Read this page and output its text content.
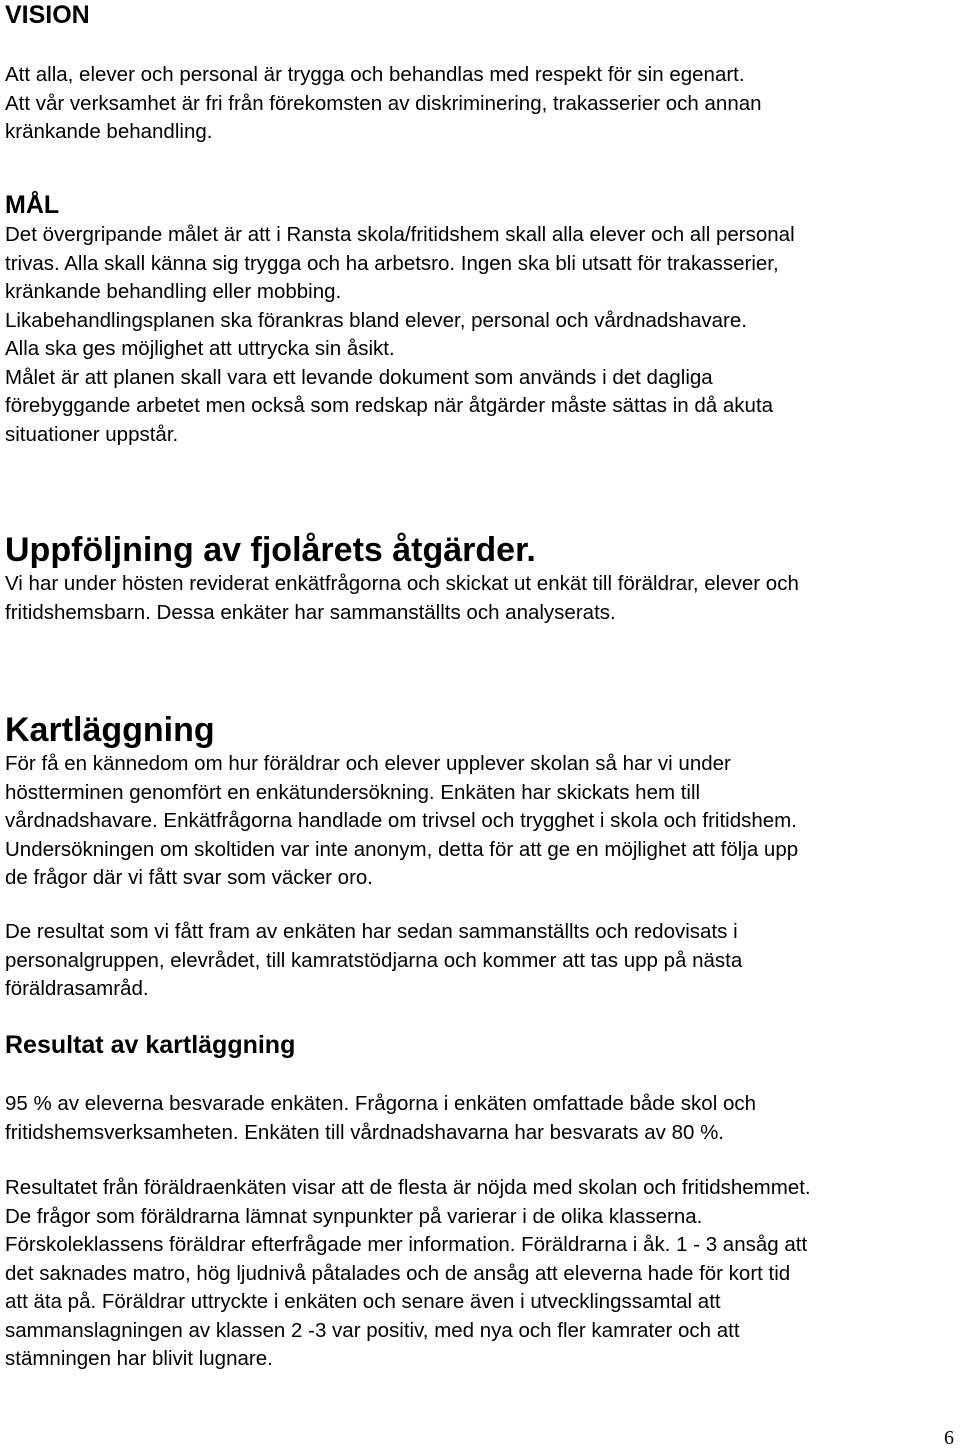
VISION

Att alla, elever och personal är trygga och behandlas med respekt för sin egenart.
Att vår verksamhet är fri från förekomsten av diskriminering, trakasserier och annan
kränkande behandling.

MÅL

Det övergripande målet är att i Ransta skola/fritidshem skall alla elever och all personal
trivas. Alla skall känna sig trygga och ha arbetsro. Ingen ska bli utsatt för trakasserier,
kränkande behandling eller mobbing.
Likabehandlingsplanen ska förankras bland elever, personal och vårdnadshavare.
Alla ska ges möjlighet att uttrycka sin åsikt.
Målet är att planen skall vara ett levande dokument som används i det dagliga
förebyggande arbetet men också som redskap när åtgärder måste sättas in då akuta
situationer uppstår.

Uppföljning av fjolårets åtgärder.

Vi har under hösten reviderat enkätfrågorna och skickat ut enkät till föräldrar, elever och
fritidshemsbarn. Dessa enkäter har sammanställts och analyserats.

Kartläggning

För få en kännedom om hur föräldrar och elever upplever skolan så har vi under
höstterminen genomfört en enkätundersökning. Enkäten har skickats hem till
vårdnadshavare. Enkätfrågorna handlade om trivsel och trygghet i skola och fritidshem.
Undersökningen om skoltiden var inte anonym, detta för att ge en möjlighet att följa upp
de frågor där vi fått svar som väcker oro.

De resultat som vi fått fram av enkäten har sedan sammanställts och redovisats i
personalgruppen, elevrådet, till kamratstödjarna och kommer att tas upp på nästa
föräldrasamråd.

Resultat av kartläggning

95 % av eleverna besvarade enkäten. Frågorna i enkäten omfattade både skol och
fritidshemsverksamheten. Enkäten till vårdnadshavarna har besvarats av 80 %.

Resultatet från föräldraenkäten visar att de flesta är nöjda med skolan och fritidshemmet.
De frågor som föräldrarna lämnat synpunkter på varierar i de olika klasserna.
Förskoleklassens föräldrar efterfrågade mer information. Föräldrarna i åk. 1 - 3 ansåg att
det saknades matro, hög ljudnivå påtalades och de ansåg att eleverna hade för kort tid
att äta på. Föräldrar uttryckte i enkäten och senare även i utvecklingssamtal att
sammanslagningen av klassen 2 -3 var positiv, med nya och fler kamrater och att
stämningen har blivit lugnare.

6
